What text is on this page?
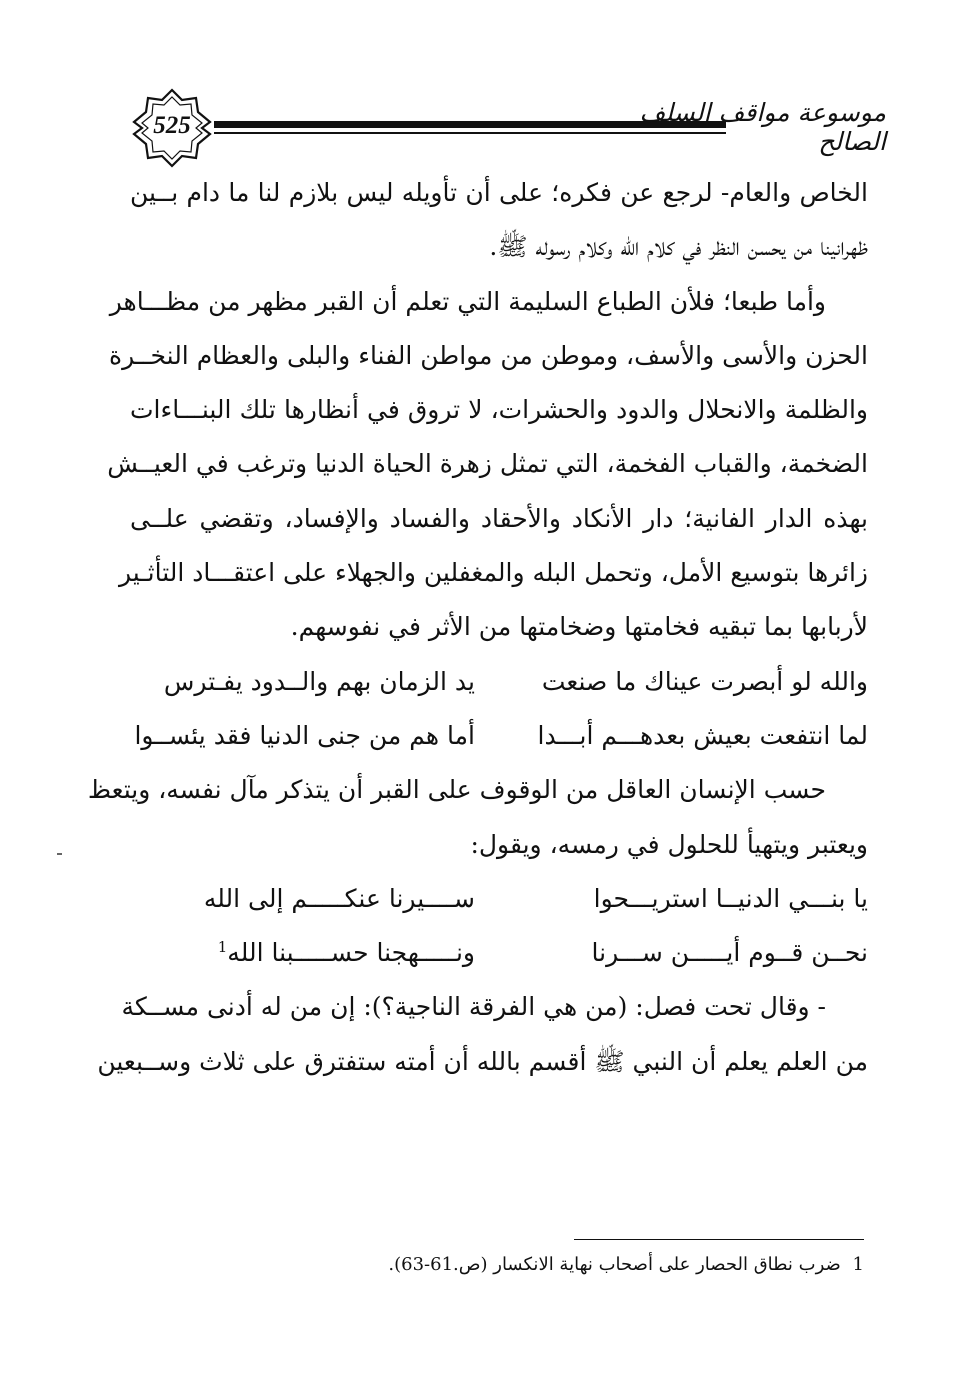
525	موسوعة مواقف السلف الصالح
الخاص والعام- لرجع عن فكره؛ على أن تأويله ليس بلازم لنا ما دام بــين
ظهرانينا من يحسن النظر في كلام الله وكلام رسوله ﷺ.
وأما طبعا؛ فلأن الطباع السليمة التي تعلم أن القبر مظهر من مظـــاهر
الحزن والأسى والأسف، وموطن من مواطن الفناء والبلى والعظام النخــرة
والظلمة والانحلال والدود والحشرات، لا تروق في أنظارها تلك البنـــاءات
الضخمة، والقباب الفخمة، التي تمثل زهرة الحياة الدنيا وترغب في العيــش
بهذه الدار الفانية؛ دار الأنكاد والأحقاد والفساد والإفساد، وتقضي علــى
زائرها بتوسيع الأمل، وتحمل البله والمغفلين والجهلاء على اعتقـــاد التأثـير
لأربابها بما تبقيه فخامتها وضخامتها من الأثر في نفوسهم.
والله لو أبصرت عيناك ما صنعت
يد الزمان بهم والــدود يفـترس
لما انتفعت بعيش بعدهـــم أبـــدا
أما هم من جنى الدنيا فقد يئســوا
حسب الإنسان العاقل من الوقوف على القبر أن يتذكر مآل نفسه، ويتعظ
ويعتبر ويتهيأ للحلول في رمسه، ويقول:
يا بنـــي الدنيــا استريـــحوا
ســــيرنا عنكـــــم إلى الله
نحــن قــوم أيـــــن ســـرنا
ونـــــهجنا حســـــبنا الله$^1$
- وقال تحت فصل: (من هي الفرقة الناجية؟): إن من له أدنى مســكة
من العلم يعلم أن النبي ﷺ أقسم بالله أن أمته ستفترق على ثلاث وســبعين
1 ضرب نطاق الحصار على أصحاب نهاية الانكسار (ص.61-63).
